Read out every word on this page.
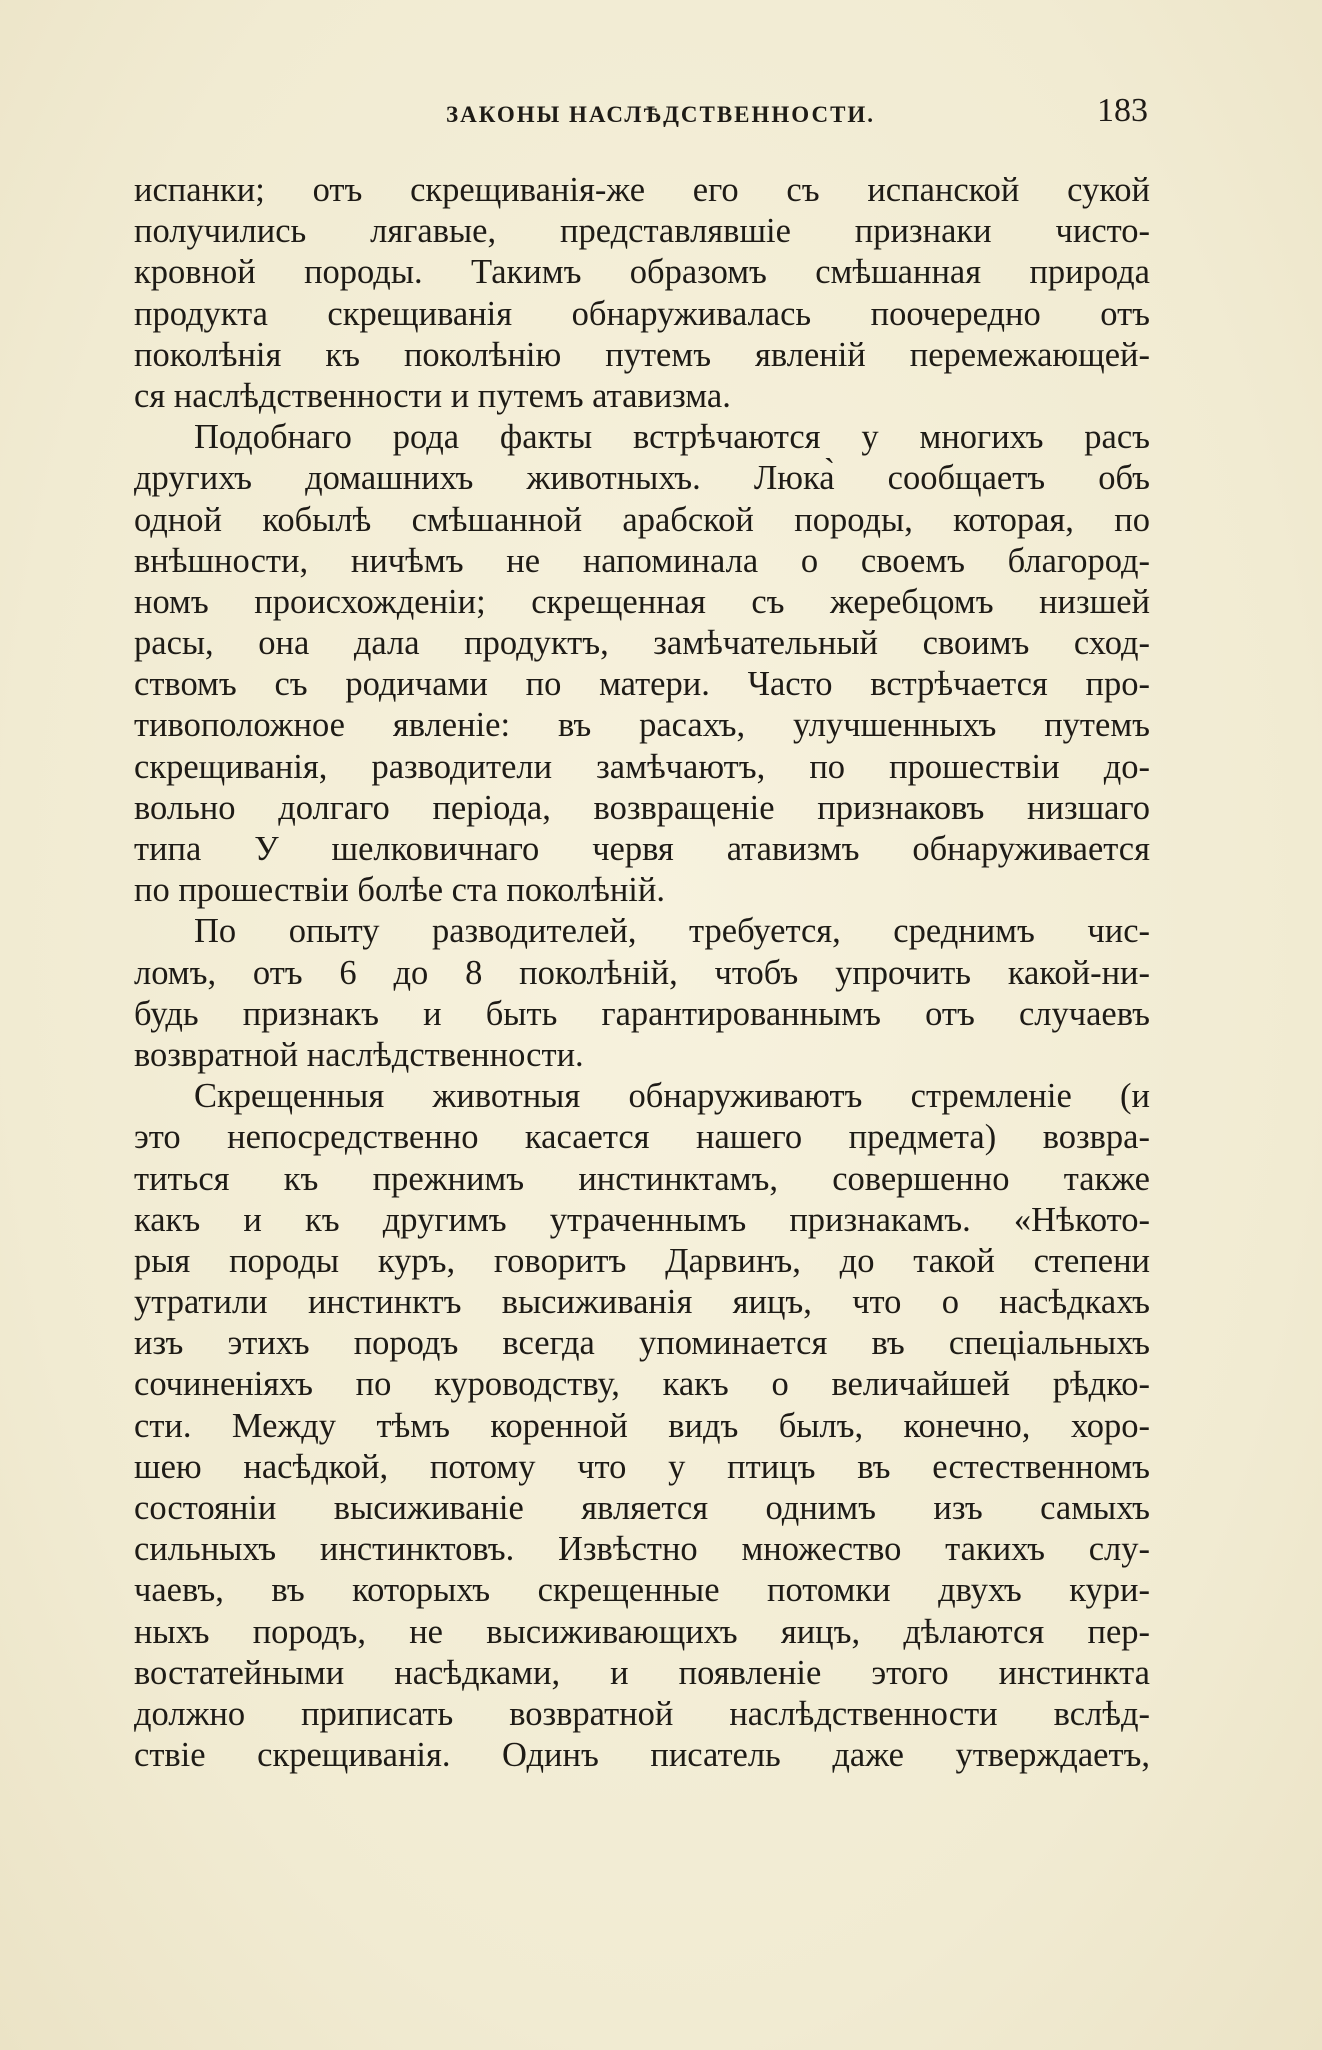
ЗАКОНЫ НАСЛѢДСТВЕННОСТИ.	183
испанки; отъ скрещиванія-же его съ испанской сукой
получились лягавые, представлявшіе признаки чисто-
кровной породы. Такимъ образомъ смѣшанная природа
продукта скрещиванія обнаруживалась поочередно отъ
поколѣнія къ поколѣнію путемъ явленій перемежающей-
ся наслѣдственности и путемъ атавизма.
Подобнаго рода факты встрѣчаются у многихъ расъ
другихъ домашнихъ животныхъ. Люка̀ сообщаетъ объ
одной кобылѣ смѣшанной арабской породы, которая, по
внѣшности, ничѣмъ не напоминала о своемъ благород-
номъ происхожденіи; скрещенная съ жеребцомъ низшей
расы, она дала продуктъ, замѣчательный своимъ сход-
ствомъ съ родичами по матери. Часто встрѣчается про-
тивоположное явленіе: въ расахъ, улучшенныхъ путемъ
скрещиванія, разводители замѣчаютъ, по прошествіи до-
вольно долгаго періода, возвращеніе признаковъ низшаго
типа У шелковичнаго червя атавизмъ обнаруживается
по прошествіи болѣе ста поколѣній.
По опыту разводителей, требуется, среднимъ чис-
ломъ, отъ 6 до 8 поколѣній, чтобъ упрочить какой-ни-
будь признакъ и быть гарантированнымъ отъ случаевъ
возвратной наслѣдственности.
Скрещенныя животныя обнаруживаютъ стремленіе (и
это непосредственно касается нашего предмета) возвра-
титься къ прежнимъ инстинктамъ, совершенно также
какъ и къ другимъ утраченнымъ признакамъ. «Нѣкото-
рыя породы куръ, говоритъ Дарвинъ, до такой степени
утратили инстинктъ высиживанія яицъ, что о насѣдкахъ
изъ этихъ породъ всегда упоминается въ спеціальныхъ
сочиненіяхъ по куроводству, какъ о величайшей рѣдко-
сти. Между тѣмъ коренной видъ былъ, конечно, хоро-
шею насѣдкой, потому что у птицъ въ естественномъ
состояніи высиживаніе является однимъ изъ самыхъ
сильныхъ инстинктовъ. Извѣстно множество такихъ слу-
чаевъ, въ которыхъ скрещенные потомки двухъ кури-
ныхъ породъ, не высиживающихъ яицъ, дѣлаются пер-
востатейными насѣдками, и появленіе этого инстинкта
должно приписать возвратной наслѣдственности вслѣд-
ствіе скрещиванія. Одинъ писатель даже утверждаетъ,
